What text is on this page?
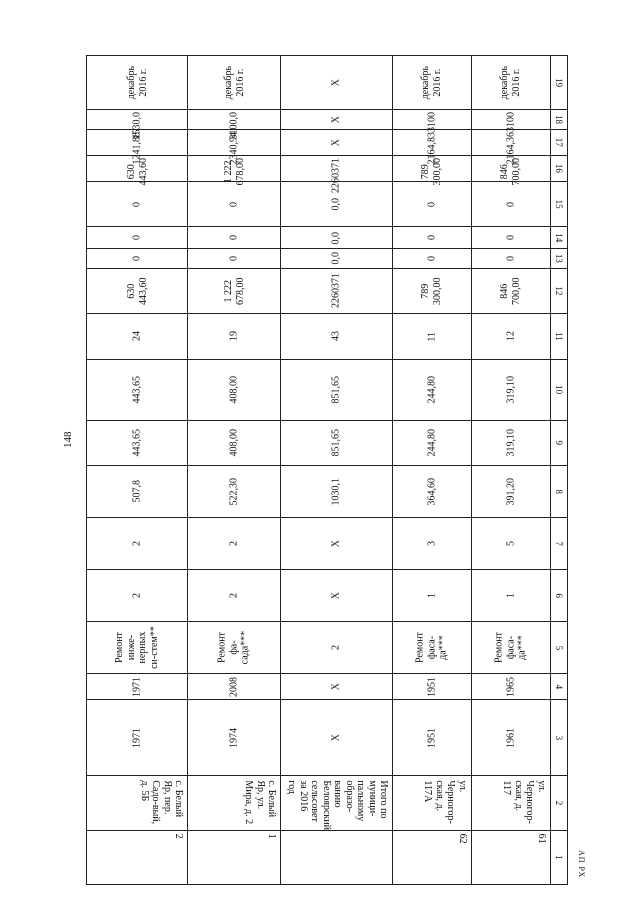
148
19	18	17	16	15	14	13	12	11	10	9	8	7	6	5	4	3	2	1
декабрь 2016 г.	3100	2164,36	846 700,00	0	0	0	846 700,00	12	319,10	319,10	391,20	5	1	Ремонт фаса-да***	1965	1961	ул. Черногор-ская, д. 117	61
декабрь 2016 г.	3100	2164,83	789 300,00	0	0	0	789 300,00	11	244,80	244,80	364,60	3	1	Ремонт фаса-да***	1951	1951	ул. Черногор-ская, д. 117А	62
Х	Х	Х	2260371	0,0	0,0	0,0	2260371	43	851,65	851,65	1030,1	Х	Х	2	Х	Х	Итого по муници-пальному образо-ванию Белоярский сельсовет за 2016 год	
декабрь 2016 г.	3100,0	2340,94	1 222 678,00	0	0	0	1 222 678,00	19	408,00	408,00	522,30	2	2	Ремонт фа-сада***	2008	1974	с. Белый Яр, ул. Мира, д. 2	1
декабрь 2016 г.	1530,0	1241,88	630 443,60	0	0	0	630 443,60	24	443,65	443,65	507,8	2	2	Ремонт инже-нерных си-стем**	1971	1971	с. Белый Яр, пер. Садо-вый, д. 5Б	2
АП РХ
